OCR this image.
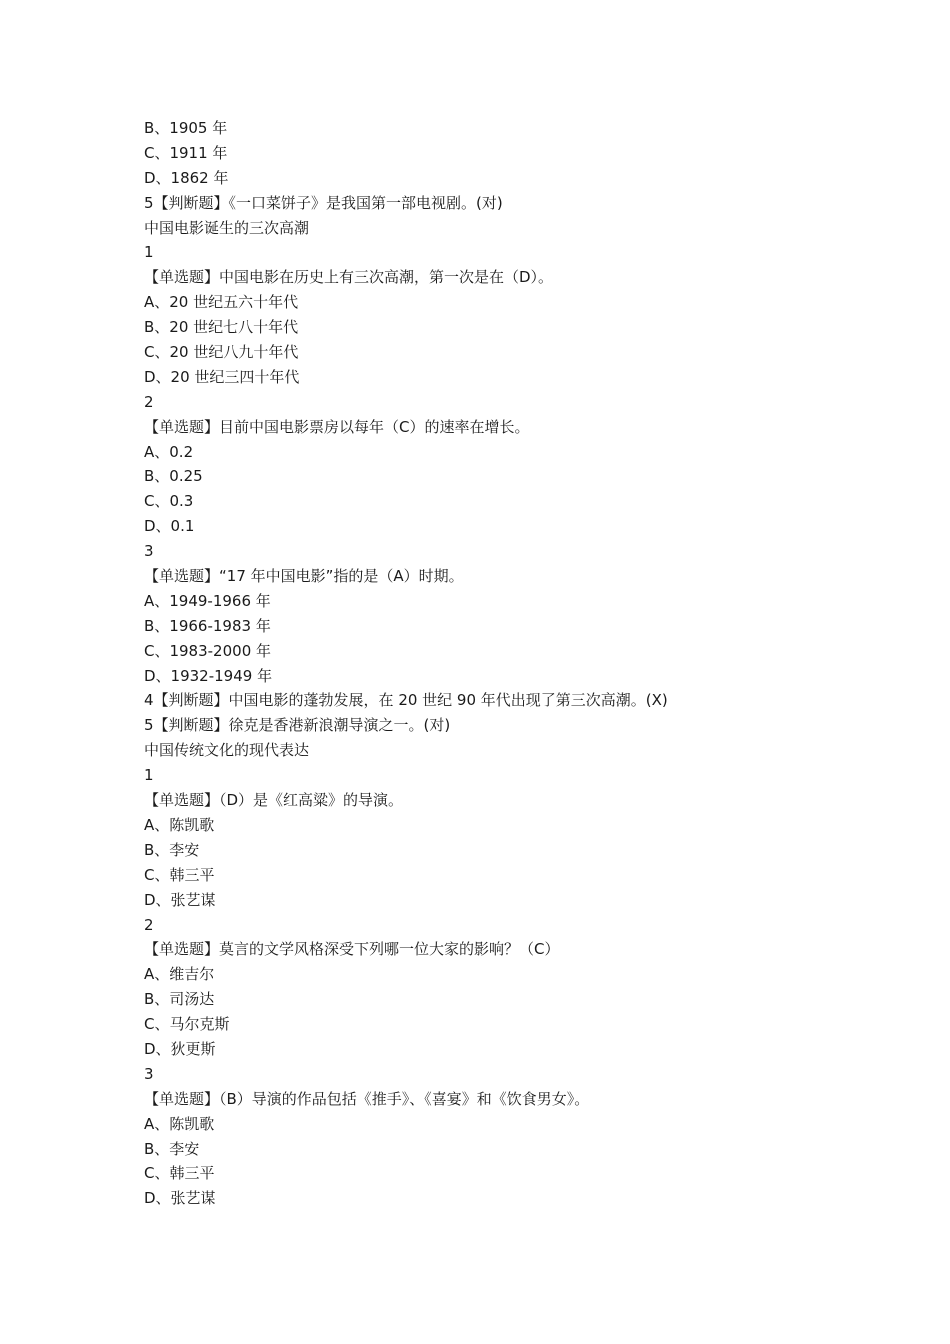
B、1905 年
C、1911 年
D、1862 年
5【判断题】《一口菜饼子》是我国第一部电视剧。(对)
中国电影诞生的三次高潮
1
【单选题】中国电影在历史上有三次高潮，第一次是在（D）。
A、20 世纪五六十年代
B、20 世纪七八十年代
C、20 世纪八九十年代
D、20 世纪三四十年代
2
【单选题】目前中国电影票房以每年（C）的速率在增长。
A、0.2
B、0.25
C、0.3
D、0.1
3
【单选题】“17 年中国电影”指的是（A）时期。
A、1949-1966 年
B、1966-1983 年
C、1983-2000 年
D、1932-1949 年
4【判断题】中国电影的蓬勃发展，在 20 世纪 90 年代出现了第三次高潮。(X)
5【判断题】徐克是香港新浪潮导演之一。(对)
中国传统文化的现代表达
1
【单选题】（D）是《红高粱》的导演。
A、陈凯歌
B、李安
C、韩三平
D、张艺谋
2
【单选题】莫言的文学风格深受下列哪一位大家的影响？（C）
A、维吉尔
B、司汤达
C、马尔克斯
D、狄更斯
3
【单选题】（B）导演的作品包括《推手》、《喜宴》和《饮食男女》。
A、陈凯歌
B、李安
C、韩三平
D、张艺谋
